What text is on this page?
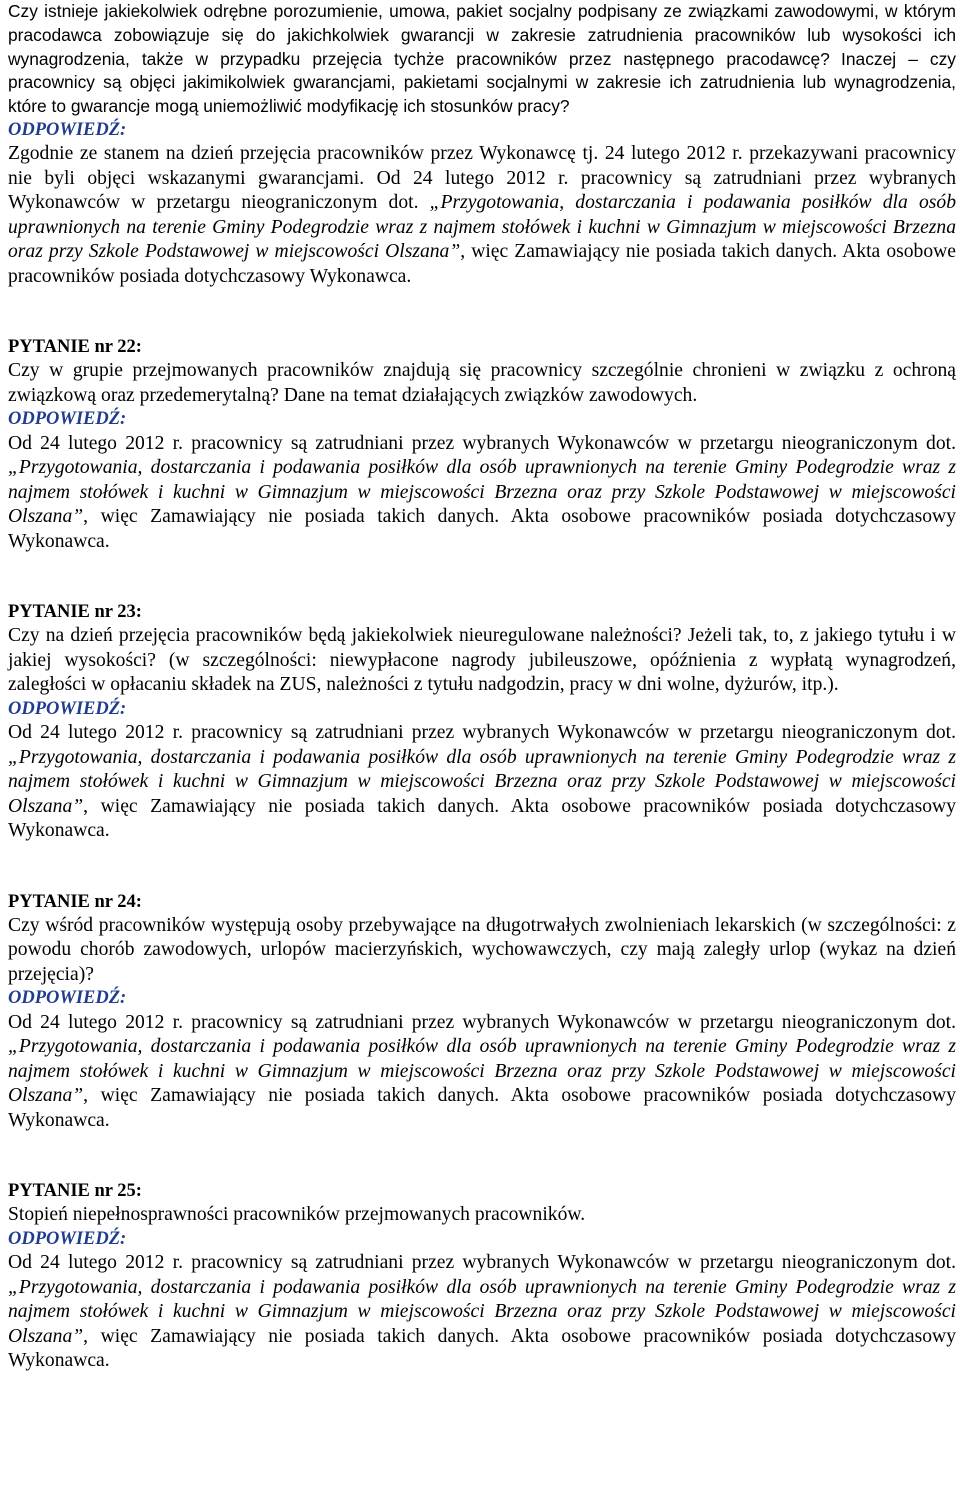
Czy istnieje jakiekolwiek odrębne porozumienie, umowa, pakiet socjalny podpisany ze związkami zawodowymi, w którym pracodawca zobowiązuje się do jakichkolwiek gwarancji w zakresie zatrudnienia pracowników lub wysokości ich wynagrodzenia, także w przypadku przejęcia tychże pracowników przez następnego pracodawcę? Inaczej – czy pracownicy są objęci jakimikolwiek gwarancjami, pakietami socjalnymi w zakresie ich zatrudnienia lub wynagrodzenia, które to gwarancje mogą uniemożliwić modyfikację ich stosunków pracy?

ODPOWIEDŹ:

Zgodnie ze stanem na dzień przejęcia pracowników przez Wykonawcę tj. 24 lutego 2012 r. przekazywani pracownicy nie byli objęci wskazanymi gwarancjami. Od 24 lutego 2012 r. pracownicy są zatrudniani przez wybranych Wykonawców w przetargu nieograniczonym dot. „Przygotowania, dostarczania i podawania posiłków dla osób uprawnionych na terenie Gminy Podegrodzie wraz z najmem stołówek i kuchni w Gimnazjum w miejscowości Brzezna oraz przy Szkole Podstawowej w miejscowości Olszana”, więc Zamawiający nie posiada takich danych. Akta osobowe pracowników posiada dotychczasowy Wykonawca.

PYTANIE nr 22:

Czy w grupie przejmowanych pracowników znajdują się pracownicy szczególnie chronieni w związku z ochroną związkową oraz przedemerytalną? Dane na temat działających związków zawodowych.

ODPOWIEDŹ:

Od 24 lutego 2012 r. pracownicy są zatrudniani przez wybranych Wykonawców w przetargu nieograniczonym dot. „Przygotowania, dostarczania i podawania posiłków dla osób uprawnionych na terenie Gminy Podegrodzie wraz z najmem stołówek i kuchni w Gimnazjum w miejscowości Brzezna oraz przy Szkole Podstawowej w miejscowości Olszana”, więc Zamawiający nie posiada takich danych. Akta osobowe pracowników posiada dotychczasowy Wykonawca.

PYTANIE nr 23:

Czy na dzień przejęcia pracowników będą jakiekolwiek nieuregulowane należności? Jeżeli tak, to, z jakiego tytułu i w jakiej wysokości? (w szczególności: niewypłacone nagrody jubileuszowe, opóźnienia z wypłatą wynagrodzeń, zaległości w opłacaniu składek na ZUS, należności z tytułu nadgodzin, pracy w dni wolne, dyżurów, itp.).

ODPOWIEDŹ:

Od 24 lutego 2012 r. pracownicy są zatrudniani przez wybranych Wykonawców w przetargu nieograniczonym dot. „Przygotowania, dostarczania i podawania posiłków dla osób uprawnionych na terenie Gminy Podegrodzie wraz z najmem stołówek i kuchni w Gimnazjum w miejscowości Brzezna oraz przy Szkole Podstawowej w miejscowości Olszana”, więc Zamawiający nie posiada takich danych. Akta osobowe pracowników posiada dotychczasowy Wykonawca.

PYTANIE nr 24:

Czy wśród pracowników występują osoby przebywające na długotrwałych zwolnieniach lekarskich (w szczególności: z powodu chorób zawodowych, urlopów macierzyńskich, wychowawczych, czy mają zaległy urlop (wykaz na dzień przejęcia)?

ODPOWIEDŹ:

Od 24 lutego 2012 r. pracownicy są zatrudniani przez wybranych Wykonawców w przetargu nieograniczonym dot. „Przygotowania, dostarczania i podawania posiłków dla osób uprawnionych na terenie Gminy Podegrodzie wraz z najmem stołówek i kuchni w Gimnazjum w miejscowości Brzezna oraz przy Szkole Podstawowej w miejscowości Olszana”, więc Zamawiający nie posiada takich danych. Akta osobowe pracowników posiada dotychczasowy Wykonawca.

PYTANIE nr 25:

Stopień niepełnosprawności pracowników przejmowanych pracowników.

ODPOWIEDŹ:

Od 24 lutego 2012 r. pracownicy są zatrudniani przez wybranych Wykonawców w przetargu nieograniczonym dot. „Przygotowania, dostarczania i podawania posiłków dla osób uprawnionych na terenie Gminy Podegrodzie wraz z najmem stołówek i kuchni w Gimnazjum w miejscowości Brzezna oraz przy Szkole Podstawowej w miejscowości Olszana”, więc Zamawiający nie posiada takich danych. Akta osobowe pracowników posiada dotychczasowy Wykonawca.
